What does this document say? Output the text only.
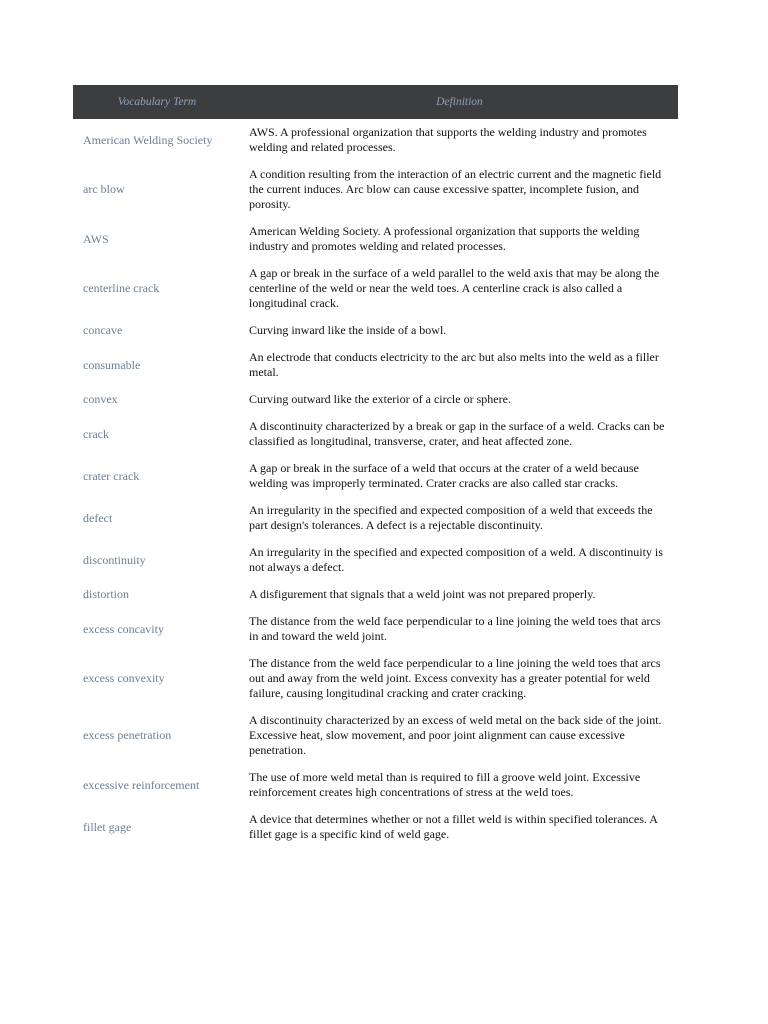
Vocabulary Term	Definition
American Welding Society	AWS. A professional organization that supports the welding industry and promotes welding and related processes.
arc blow	A condition resulting from the interaction of an electric current and the magnetic field the current induces. Arc blow can cause excessive spatter, incomplete fusion, and porosity.
AWS	American Welding Society. A professional organization that supports the welding industry and promotes welding and related processes.
centerline crack	A gap or break in the surface of a weld parallel to the weld axis that may be along the centerline of the weld or near the weld toes. A centerline crack is also called a longitudinal crack.
concave	Curving inward like the inside of a bowl.
consumable	An electrode that conducts electricity to the arc but also melts into the weld as a filler metal.
convex	Curving outward like the exterior of a circle or sphere.
crack	A discontinuity characterized by a break or gap in the surface of a weld. Cracks can be classified as longitudinal, transverse, crater, and heat affected zone.
crater crack	A gap or break in the surface of a weld that occurs at the crater of a weld because welding was improperly terminated. Crater cracks are also called star cracks.
defect	An irregularity in the specified and expected composition of a weld that exceeds the part design's tolerances. A defect is a rejectable discontinuity.
discontinuity	An irregularity in the specified and expected composition of a weld. A discontinuity is not always a defect.
distortion	A disfigurement that signals that a weld joint was not prepared properly.
excess concavity	The distance from the weld face perpendicular to a line joining the weld toes that arcs in and toward the weld joint.
excess convexity	The distance from the weld face perpendicular to a line joining the weld toes that arcs out and away from the weld joint. Excess convexity has a greater potential for weld failure, causing longitudinal cracking and crater cracking.
excess penetration	A discontinuity characterized by an excess of weld metal on the back side of the joint. Excessive heat, slow movement, and poor joint alignment can cause excessive penetration.
excessive reinforcement	The use of more weld metal than is required to fill a groove weld joint. Excessive reinforcement creates high concentrations of stress at the weld toes.
fillet gage	A device that determines whether or not a fillet weld is within specified tolerances. A fillet gage is a specific kind of weld gage.
